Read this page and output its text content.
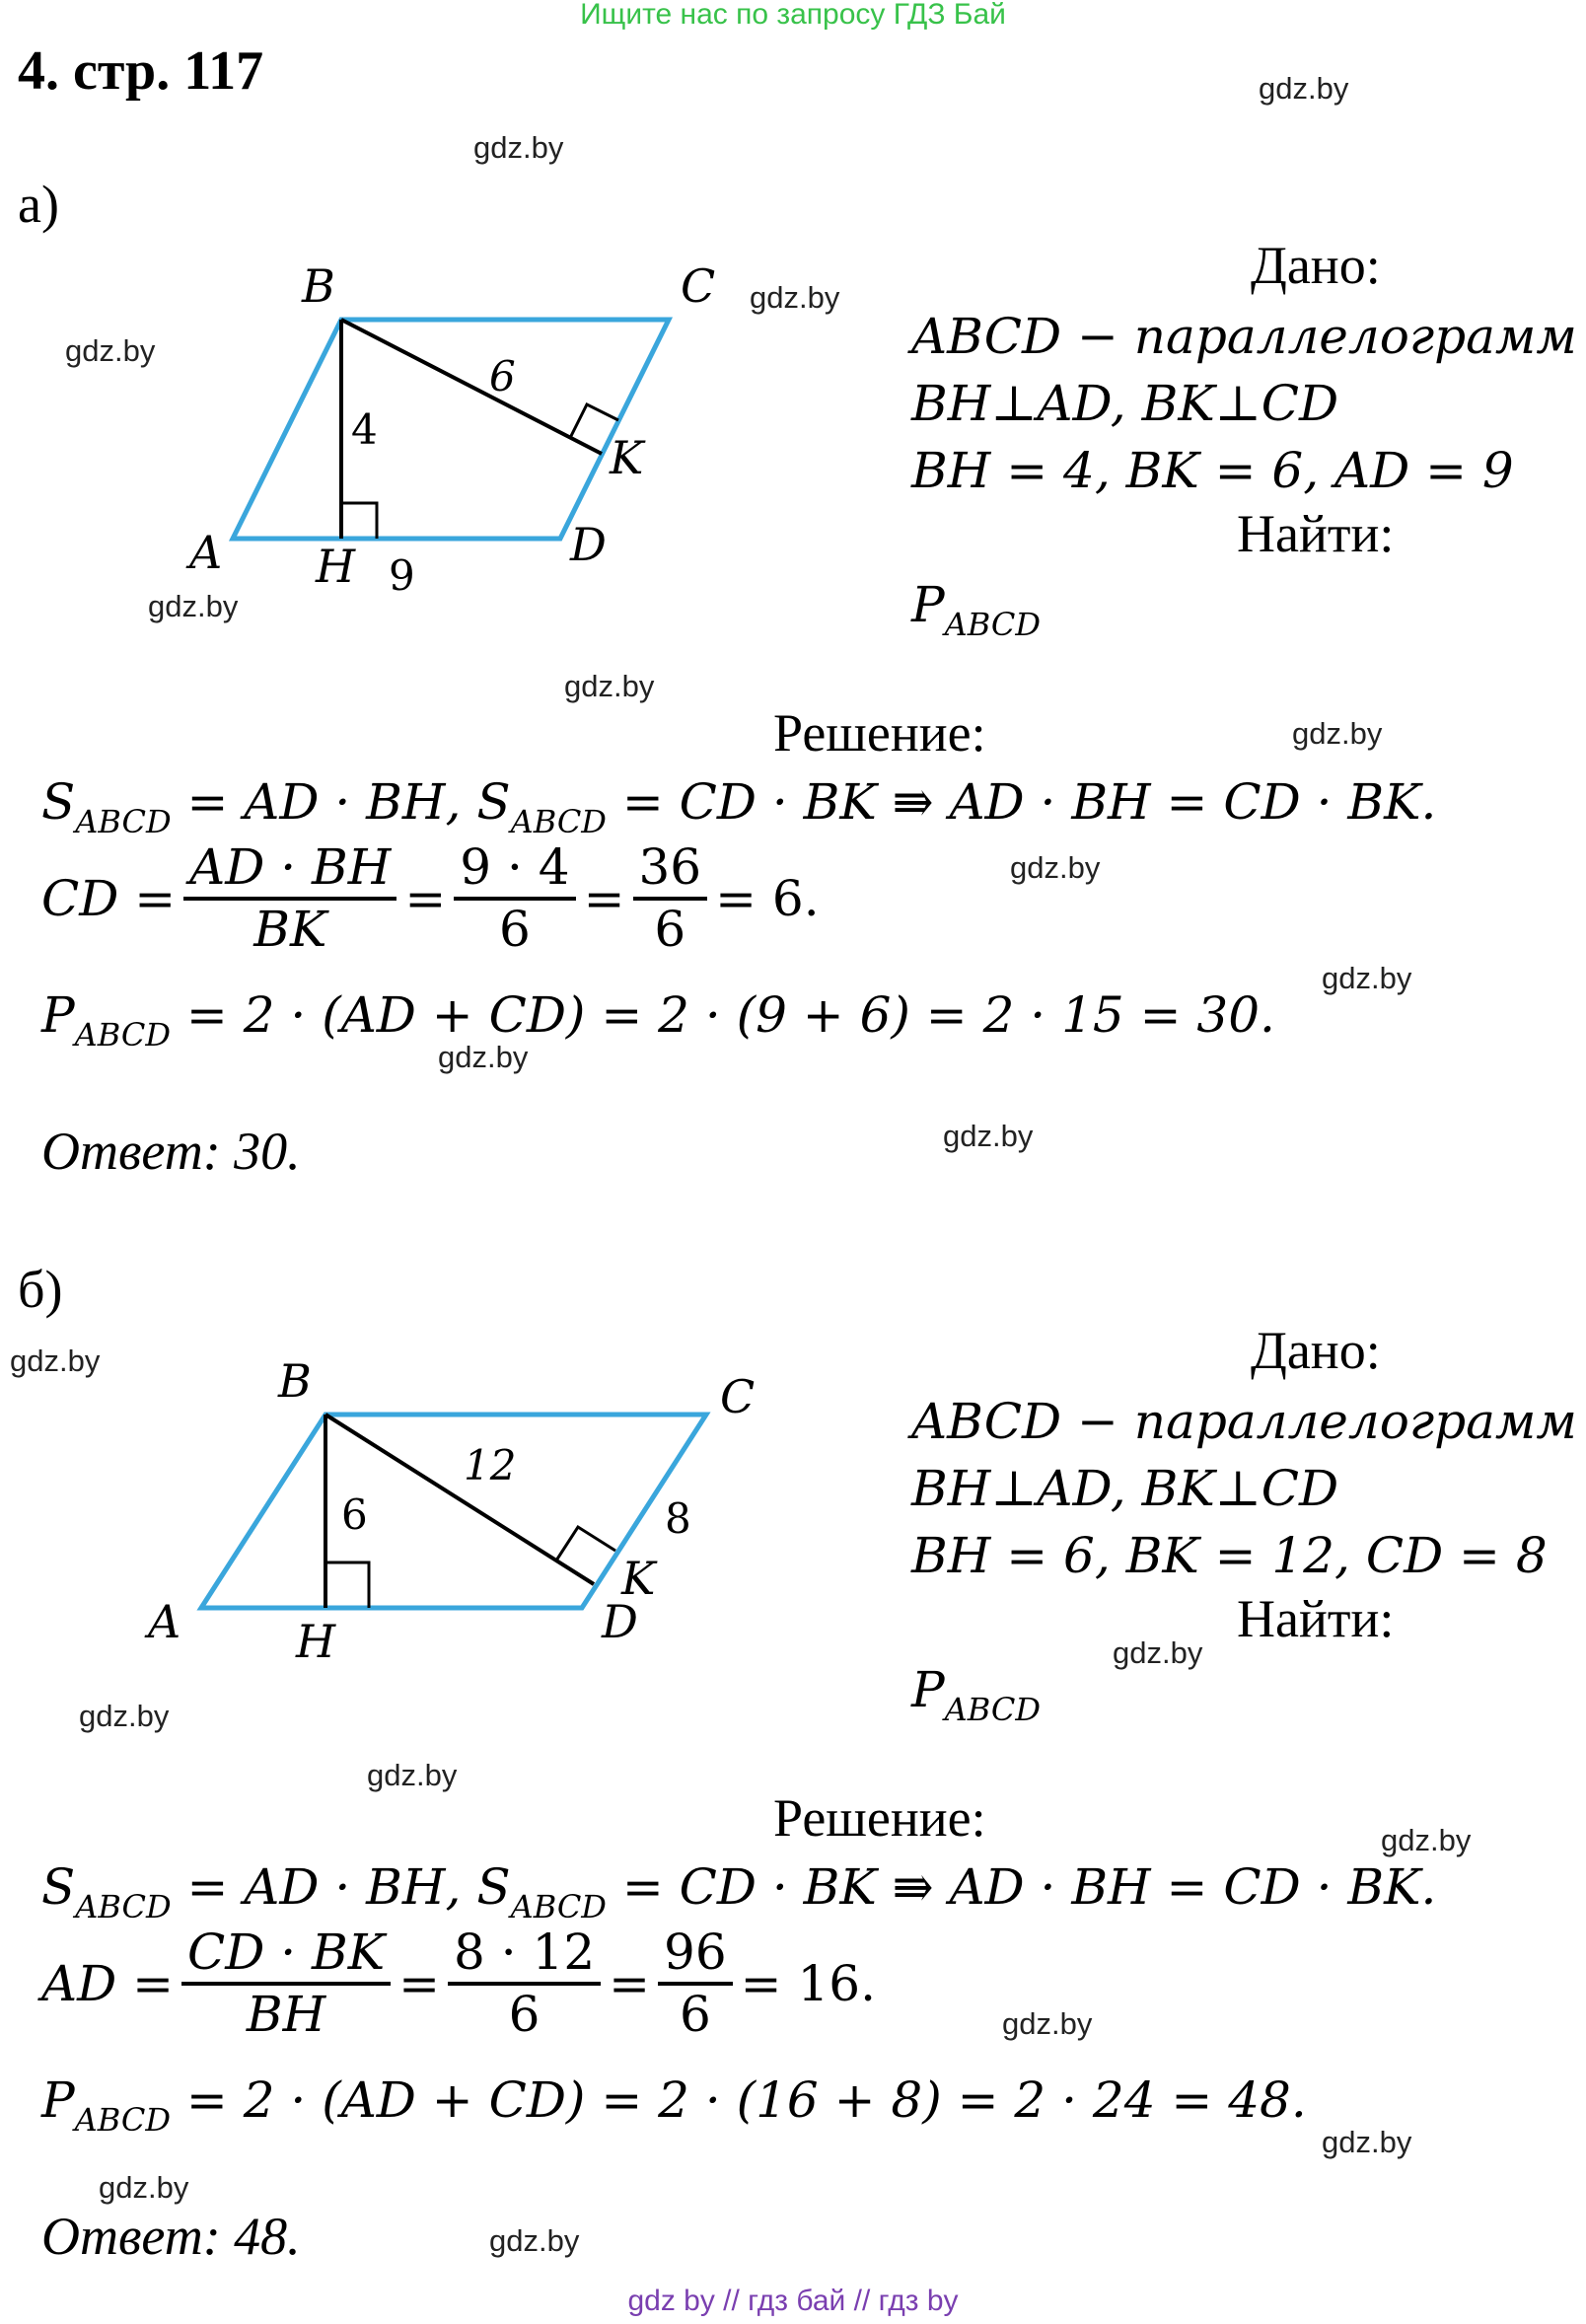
Ищите нас по запросу ГДЗ Бай
4. стр. 117	gdz.by
gdz.by
gdz.by
gdz.by
gdz.by
gdz.by
gdz.by
gdz.by
gdz.by
gdz.by
gdz.by
gdz.by
gdz.by
gdz.by
gdz.by
gdz.by
gdz.by
gdz.by
gdz.by
gdz.by
а)
B	C
A	D
H
K
4
6
9
Дано:
ABCD − параллелограмм
BH⊥AD, BK⊥CD
BH = 4, BK = 6, AD = 9
Найти:
$P_{ABCD}$
Решение:
$S_{ABCD}$ = AD · BH, $S_{ABCD}$ = CD · BK ⇛ AD · BH = CD · BK.
CD = $\frac{AD \cdot BH}{BK} = \frac{9 \cdot 4}{6} = \frac{36}{6} = 6$.
$P_{ABCD} = 2 \cdot (AD + CD) = 2 \cdot (9 + 6) = 2 \cdot 15 = 30$.
Ответ: 30.
б)
B	C
A	D
H
K
6
12
8
Дано:
ABCD − параллелограмм
BH⊥AD, BK⊥CD
BH = 6, BK = 12, CD = 8
Найти:
$P_{ABCD}$
Решение:
$S_{ABCD}$ = AD · BH, $S_{ABCD}$ = CD · BK ⇛ AD · BH = CD · BK.
AD = $\frac{CD \cdot BK}{BH} = \frac{8 \cdot 12}{6} = \frac{96}{6} = 16$.
$P_{ABCD} = 2 \cdot (AD + CD) = 2 \cdot (16 + 8) = 2 \cdot 24 = 48$.
Ответ: 48.
gdz by // гдз бай // гдз by
